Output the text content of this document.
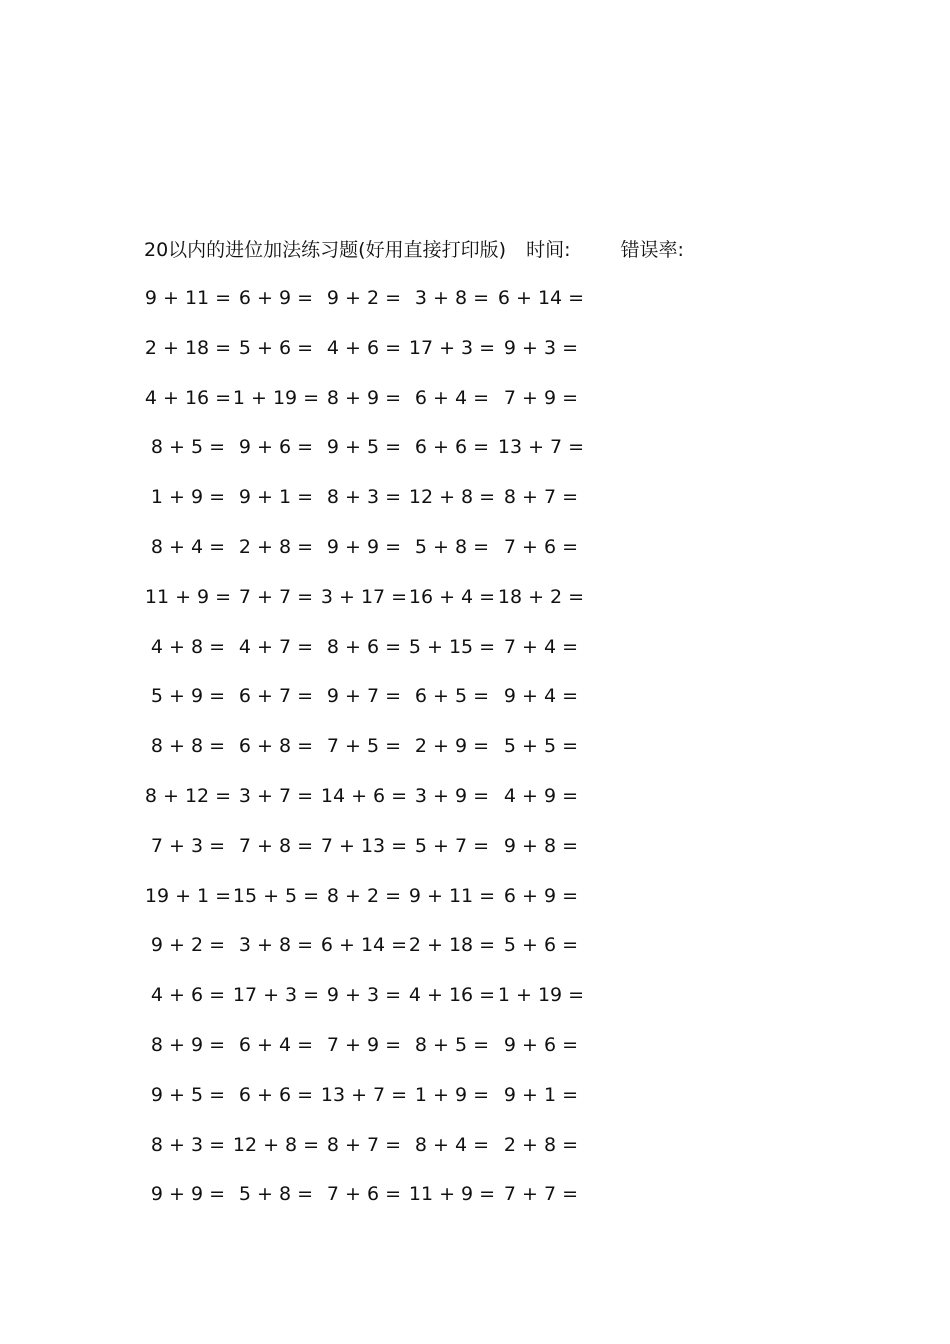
20以内的进位加法练习题(好用直接打印版) 时间:	错误率:
9 + 11 = 6 + 9 = 9 + 2 = 3 + 8 = 6 + 14 =
2 + 18 = 5 + 6 = 4 + 6 = 17 + 3 = 9 + 3 =
4 + 16 = 1 + 19 = 8 + 9 = 6 + 4 = 7 + 9 =
8 + 5 = 9 + 6 = 9 + 5 = 6 + 6 = 13 + 7 =
1 + 9 = 9 + 1 = 8 + 3 = 12 + 8 = 8 + 7 =
8 + 4 = 2 + 8 = 9 + 9 = 5 + 8 = 7 + 6 =
11 + 9 = 7 + 7 = 3 + 17 = 16 + 4 = 18 + 2 =
4 + 8 = 4 + 7 = 8 + 6 = 5 + 15 = 7 + 4 =
5 + 9 = 6 + 7 = 9 + 7 = 6 + 5 = 9 + 4 =
8 + 8 = 6 + 8 = 7 + 5 = 2 + 9 = 5 + 5 =
8 + 12 = 3 + 7 = 14 + 6 = 3 + 9 = 4 + 9 =
7 + 3 = 7 + 8 = 7 + 13 = 5 + 7 = 9 + 8 =
19 + 1 = 15 + 5 = 8 + 2 = 9 + 11 = 6 + 9 =
9 + 2 = 3 + 8 = 6 + 14 = 2 + 18 = 5 + 6 =
4 + 6 = 17 + 3 = 9 + 3 = 4 + 16 = 1 + 19 =
8 + 9 = 6 + 4 = 7 + 9 = 8 + 5 = 9 + 6 =
9 + 5 = 6 + 6 = 13 + 7 = 1 + 9 = 9 + 1 =
8 + 3 = 12 + 8 = 8 + 7 = 8 + 4 = 2 + 8 =
9 + 9 = 5 + 8 = 7 + 6 = 11 + 9 = 7 + 7 =
